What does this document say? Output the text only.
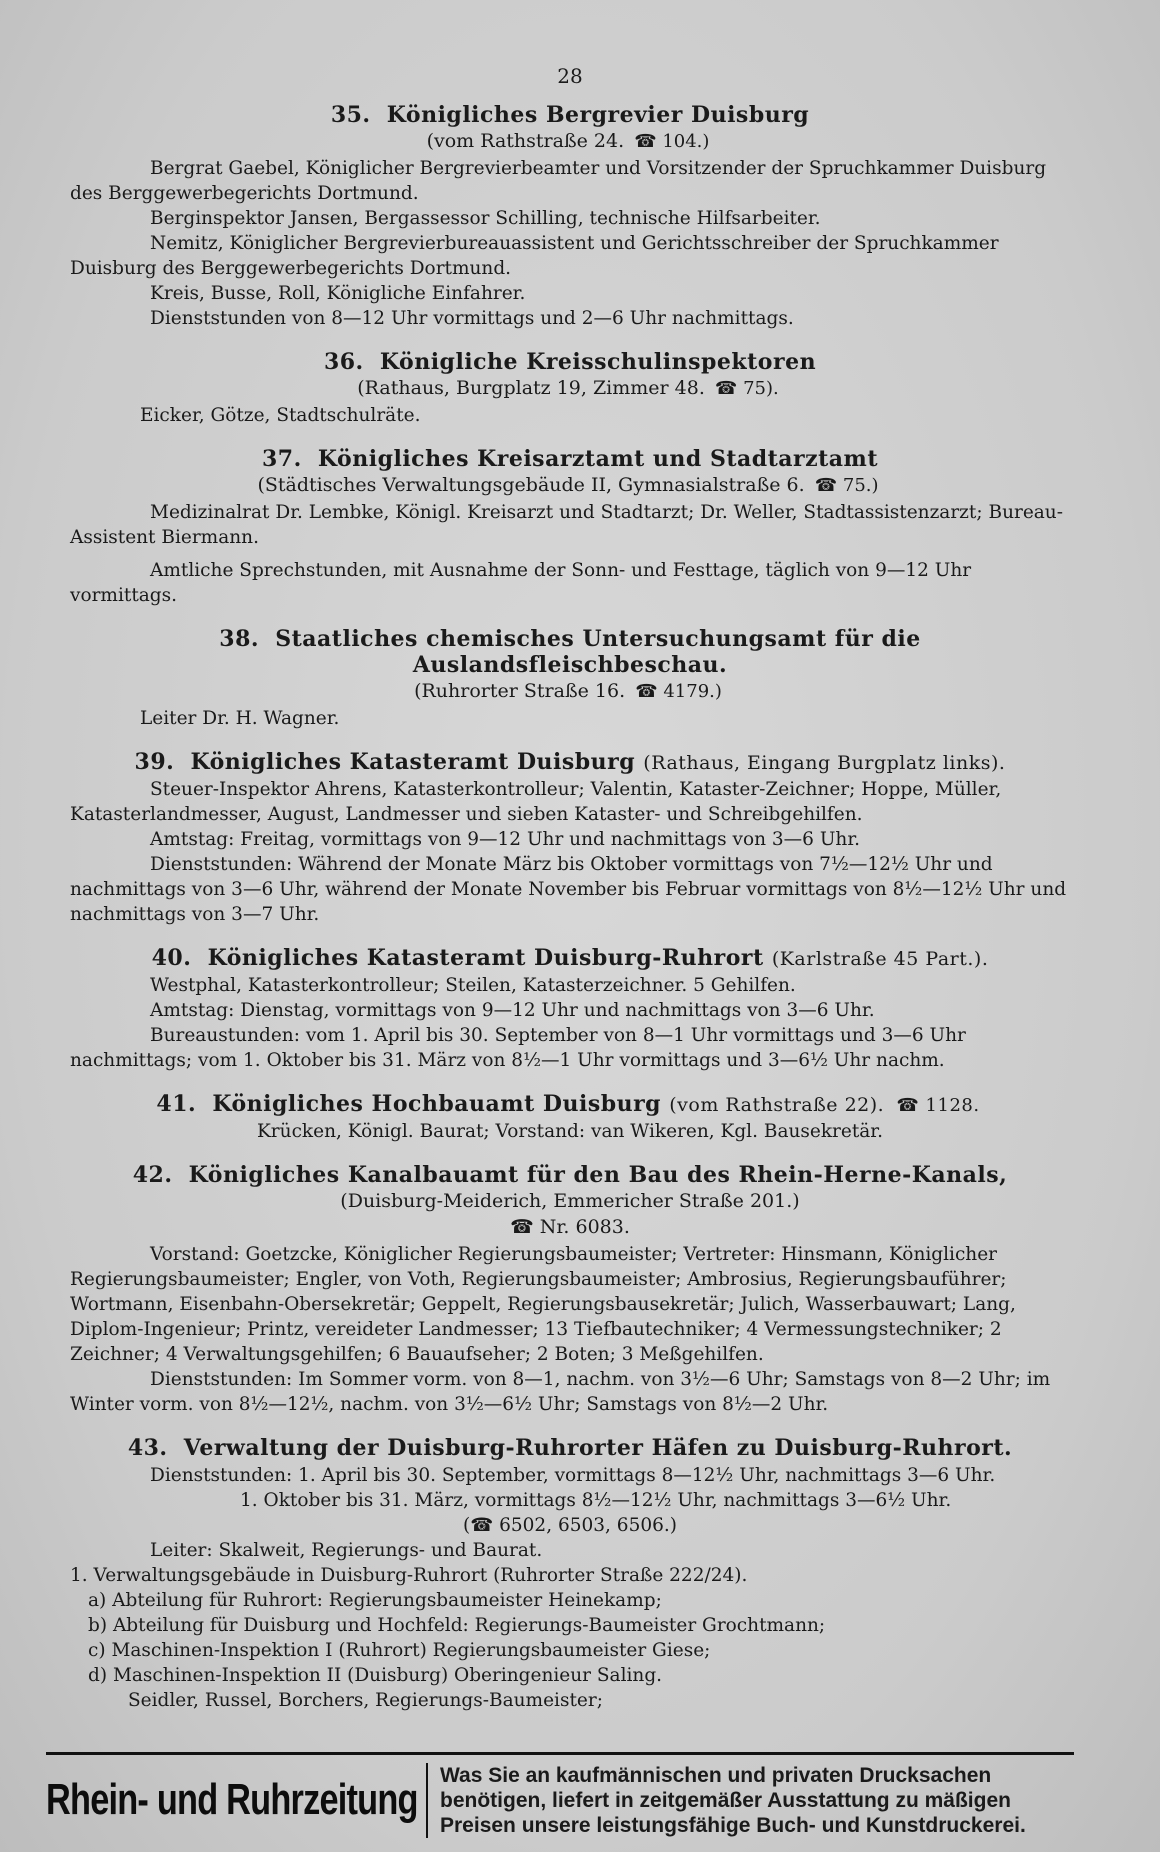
28
35. Königliches Bergrevier Duisburg
(vom Rathstraße 24. ☎ 104.)

Bergrat Gaebel, Königlicher Bergrevierbeamter und Vorsitzender der Spruchkammer Duisburg des Berggewerbegerichts Dortmund.

Berginspektor Jansen, Bergassessor Schilling, technische Hilfsarbeiter.

Nemitz, Königlicher Bergrevierbureauassistent und Gerichtsschreiber der Spruchkammer Duisburg des Berggewerbegerichts Dortmund.

Kreis, Busse, Roll, Königliche Einfahrer.

Dienststunden von 8—12 Uhr vormittags und 2—6 Uhr nachmittags.

36. Königliche Kreisschulinspektoren
(Rathaus, Burgplatz 19, Zimmer 48. ☎ 75).

Eicker, Götze, Stadtschulräte.

37. Königliches Kreisarztamt und Stadtarztamt
(Städtisches Verwaltungsgebäude II, Gymnasialstraße 6. ☎ 75.)

Medizinalrat Dr. Lembke, Königl. Kreisarzt und Stadtarzt; Dr. Weller, Stadtassistenzarzt; Bureau-Assistent Biermann.

Amtliche Sprechstunden, mit Ausnahme der Sonn- und Festtage, täglich von 9—12 Uhr vormittags.

38. Staatliches chemisches Untersuchungsamt für die Auslandsfleischbeschau.
(Ruhrorter Straße 16. ☎ 4179.)

Leiter Dr. H. Wagner.

39. Königliches Katasteramt Duisburg (Rathaus, Eingang Burgplatz links).

Steuer-Inspektor Ahrens, Katasterkontrolleur; Valentin, Kataster-Zeichner; Hoppe, Müller, Katasterlandmesser, August, Landmesser und sieben Kataster- und Schreibgehilfen.

Amtstag: Freitag, vormittags von 9—12 Uhr und nachmittags von 3—6 Uhr.

Dienststunden: Während der Monate März bis Oktober vormittags von 7½—12½ Uhr und nachmittags von 3—6 Uhr, während der Monate November bis Februar vormittags von 8½—12½ Uhr und nachmittags von 3—7 Uhr.

40. Königliches Katasteramt Duisburg-Ruhrort (Karlstraße 45 Part.).

Westphal, Katasterkontrolleur; Steilen, Katasterzeichner. 5 Gehilfen.

Amtstag: Dienstag, vormittags von 9—12 Uhr und nachmittags von 3—6 Uhr.

Bureaustunden: vom 1. April bis 30. September von 8—1 Uhr vormittags und 3—6 Uhr nachmittags; vom 1. Oktober bis 31. März von 8½—1 Uhr vormittags und 3—6½ Uhr nachm.

41. Königliches Hochbauamt Duisburg (vom Rathstraße 22). ☎ 1128.

Krücken, Königl. Baurat; Vorstand: van Wikeren, Kgl. Bausekretär.

42. Königliches Kanalbauamt für den Bau des Rhein-Herne-Kanals,
(Duisburg-Meiderich, Emmericher Straße 201.)
☎ Nr. 6083.

Vorstand: Goetzcke, Königlicher Regierungsbaumeister; Vertreter: Hinsmann, Königlicher Regierungsbaumeister; Engler, von Voth, Regierungsbaumeister; Ambrosius, Regierungsbauführer; Wortmann, Eisenbahn-Obersekretär; Geppelt, Regierungsbausekretär; Julich, Wasserbauwart; Lang, Diplom-Ingenieur; Printz, vereideter Landmesser; 13 Tiefbautechniker; 4 Vermessungstechniker; 2 Zeichner; 4 Verwaltungsgehilfen; 6 Bauaufseher; 2 Boten; 3 Meßgehilfen.

Dienststunden: Im Sommer vorm. von 8—1, nachm. von 3½—6 Uhr; Samstags von 8—2 Uhr; im Winter vorm. von 8½—12½, nachm. von 3½—6½ Uhr; Samstags von 8½—2 Uhr.

43. Verwaltung der Duisburg-Ruhrorter Häfen zu Duisburg-Ruhrort.

Dienststunden: 1. April bis 30. September, vormittags 8—12½ Uhr, nachmittags 3—6 Uhr.

1. Oktober bis 31. März, vormittags 8½—12½ Uhr, nachmittags 3—6½ Uhr.

(☎ 6502, 6503, 6506.)

Leiter: Skalweit, Regierungs- und Baurat.

1. Verwaltungsgebäude in Duisburg-Ruhrort (Ruhrorter Straße 222/24).

a) Abteilung für Ruhrort: Regierungsbaumeister Heinekamp;
b) Abteilung für Duisburg und Hochfeld: Regierungs-Baumeister Grochtmann;
c) Maschinen-Inspektion I (Ruhrort) Regierungsbaumeister Giese;
d) Maschinen-Inspektion II (Duisburg) Oberingenieur Saling.
Seidler, Russel, Borchers, Regierungs-Baumeister;
Rhein- und Ruhrzeitung	Was Sie an kaufmännischen und privaten Drucksachen benötigen, liefert in zeitgemäßer Ausstattung zu mäßigen Preisen unsere leistungsfähige Buch- und Kunstdruckerei.
